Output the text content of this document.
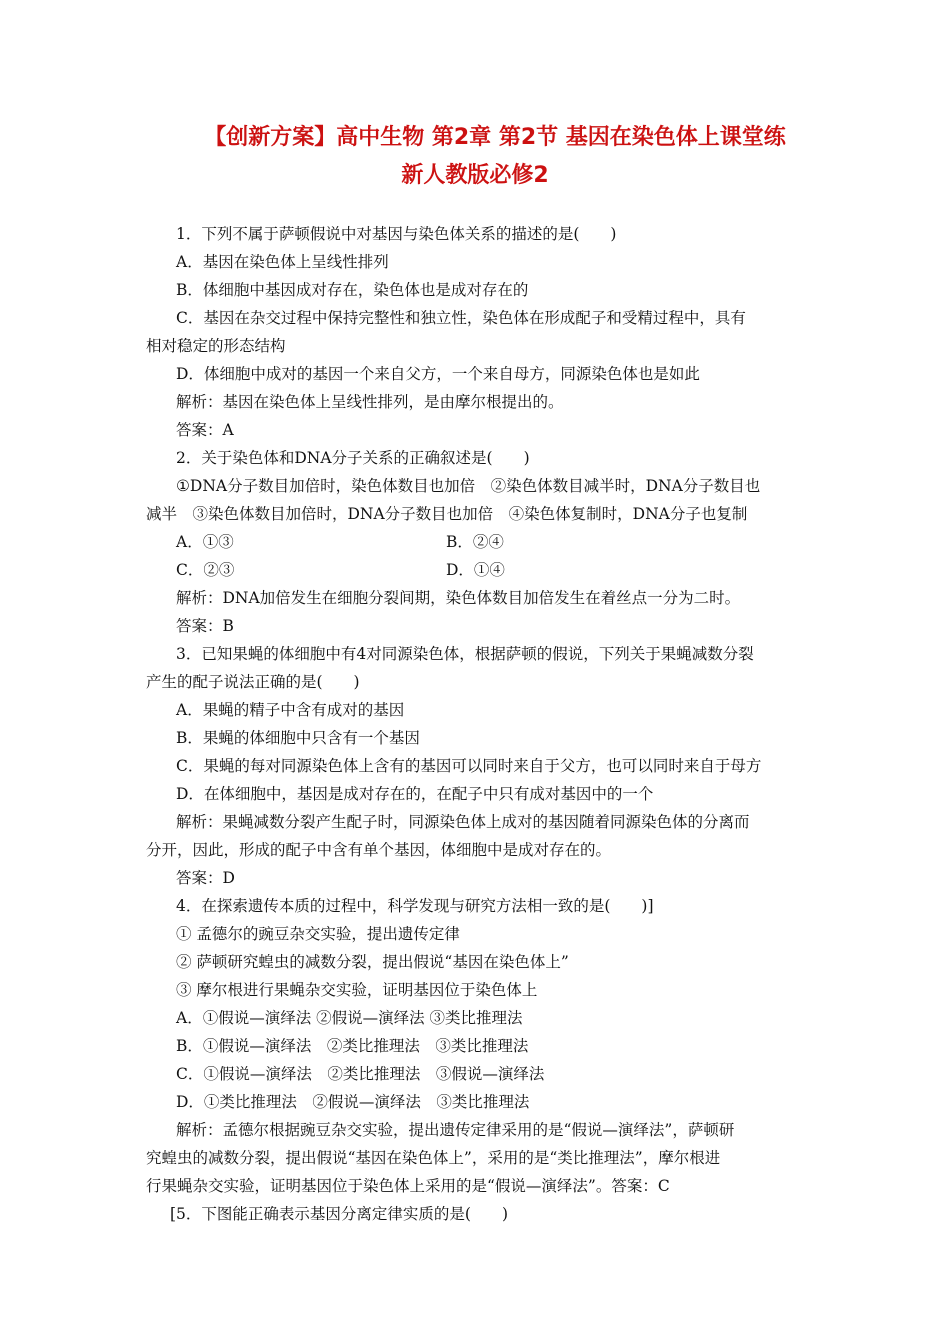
【创新方案】高中生物 第2章 第2节 基因在染色体上课堂练
新人教版必修2
1．下列不属于萨顿假说中对基因与染色体关系的描述的是(　　)
A．基因在染色体上呈线性排列
B．体细胞中基因成对存在，染色体也是成对存在的
C．基因在杂交过程中保持完整性和独立性，染色体在形成配子和受精过程中，具有
相对稳定的形态结构
D．体细胞中成对的基因一个来自父方，一个来自母方，同源染色体也是如此
解析：基因在染色体上呈线性排列，是由摩尔根提出的。
答案：A
2．关于染色体和DNA分子关系的正确叙述是(　　)
①DNA分子数目加倍时，染色体数目也加倍　②染色体数目减半时，DNA分子数目也
减半　③染色体数目加倍时，DNA分子数目也加倍　④染色体复制时，DNA分子也复制
A．①③	B．②④
C．②③	D．①④
解析：DNA加倍发生在细胞分裂间期，染色体数目加倍发生在着丝点一分为二时。
答案：B
3．已知果蝇的体细胞中有4对同源染色体，根据萨顿的假说，下列关于果蝇减数分裂
产生的配子说法正确的是(　　)
A．果蝇的精子中含有成对的基因
B．果蝇的体细胞中只含有一个基因
C．果蝇的每对同源染色体上含有的基因可以同时来自于父方，也可以同时来自于母方
D．在体细胞中，基因是成对存在的，在配子中只有成对基因中的一个
解析：果蝇减数分裂产生配子时，同源染色体上成对的基因随着同源染色体的分离而
分开，因此，形成的配子中含有单个基因，体细胞中是成对存在的。
答案：D
4．在探索遗传本质的过程中，科学发现与研究方法相一致的是(　　)]
① 孟德尔的豌豆杂交实验，提出遗传定律
② 萨顿研究蝗虫的减数分裂，提出假说“基因在染色体上”
③ 摩尔根进行果蝇杂交实验，证明基因位于染色体上
A．①假说—演绎法 ②假说—演绎法 ③类比推理法
B．①假说—演绎法　②类比推理法　③类比推理法
C．①假说—演绎法　②类比推理法　③假说—演绎法
D．①类比推理法　②假说—演绎法　③类比推理法
解析：孟德尔根据豌豆杂交实验，提出遗传定律采用的是“假说—演绎法”，萨顿研
究蝗虫的减数分裂，提出假说“基因在染色体上”，采用的是“类比推理法”，摩尔根进
行果蝇杂交实验，证明基因位于染色体上采用的是“假说—演绎法”。答案：C
[5．下图能正确表示基因分离定律实质的是(　　)
